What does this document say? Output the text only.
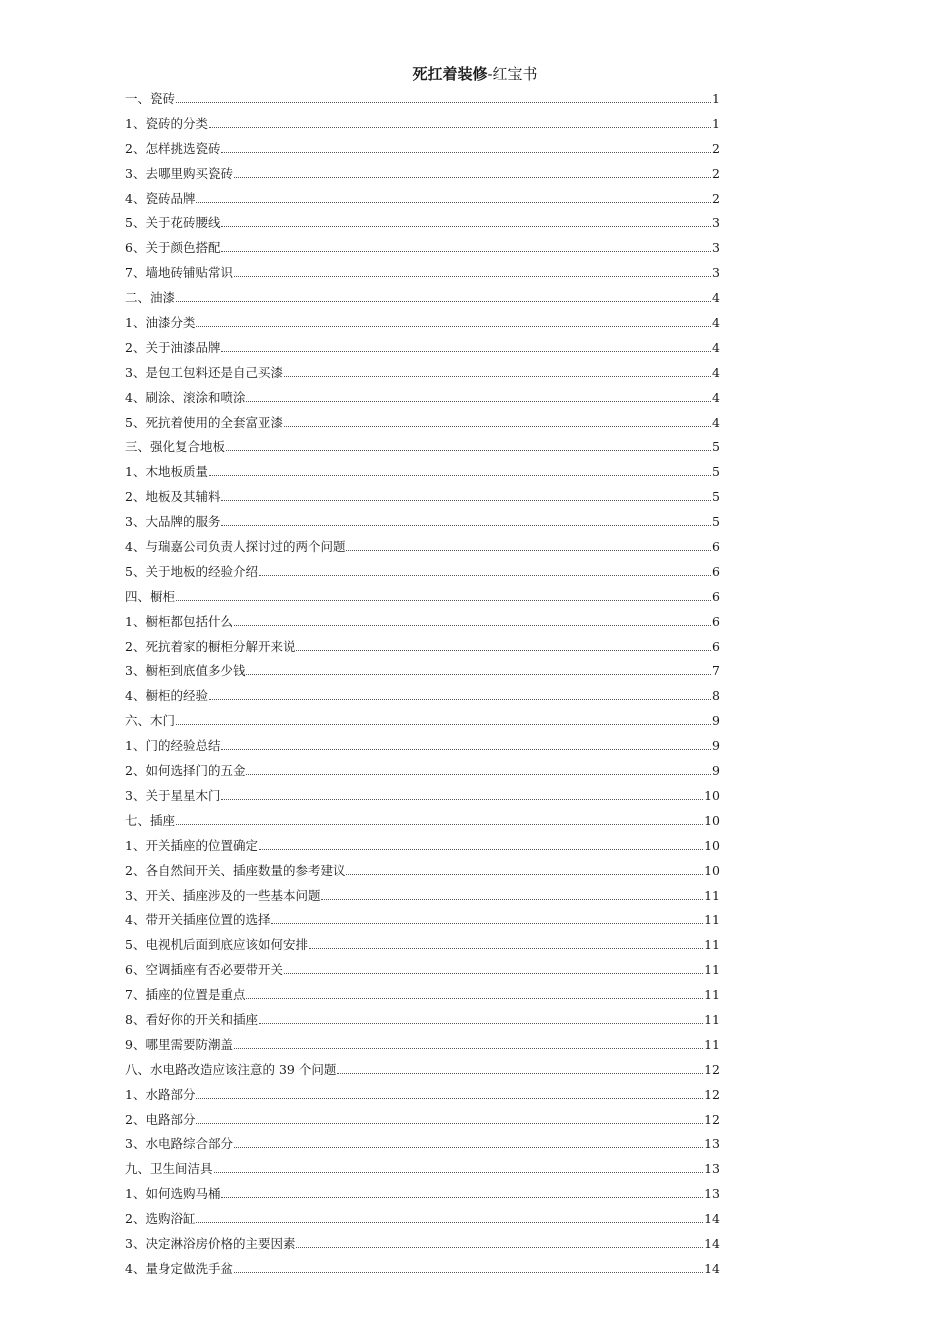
死扛着装修-红宝书
一、瓷砖	1
1、瓷砖的分类	1
2、怎样挑选瓷砖	2
3、去哪里购买瓷砖	2
4、瓷砖品牌	2
5、关于花砖腰线	3
6、关于颜色搭配	3
7、墙地砖铺贴常识	3
二、油漆	4
1、油漆分类	4
2、关于油漆品牌	4
3、是包工包料还是自己买漆	4
4、刷涂、滚涂和喷涂	4
5、死抗着使用的全套富亚漆	4
三、强化复合地板	5
1、木地板质量	5
2、地板及其辅料	5
3、大品牌的服务	5
4、与瑞嘉公司负责人探讨过的两个问题	6
5、关于地板的经验介绍	6
四、橱柜	6
1、橱柜都包括什么	6
2、死抗着家的橱柜分解开来说	6
3、橱柜到底值多少钱	7
4、橱柜的经验	8
六、木门	9
1、门的经验总结	9
2、如何选择门的五金	9
3、关于星星木门	10
七、插座	10
1、开关插座的位置确定	10
2、各自然间开关、插座数量的参考建议	10
3、开关、插座涉及的一些基本问题	11
4、带开关插座位置的选择	11
5、电视机后面到底应该如何安排	11
6、空调插座有否必要带开关	11
7、插座的位置是重点	11
8、看好你的开关和插座	11
9、哪里需要防潮盖	11
八、水电路改造应该注意的 39 个问题	12
1、水路部分	12
2、电路部分	12
3、水电路综合部分	13
九、卫生间洁具	13
1、如何选购马桶	13
2、选购浴缸	14
3、决定淋浴房价格的主要因素	14
4、量身定做洗手盆	14
